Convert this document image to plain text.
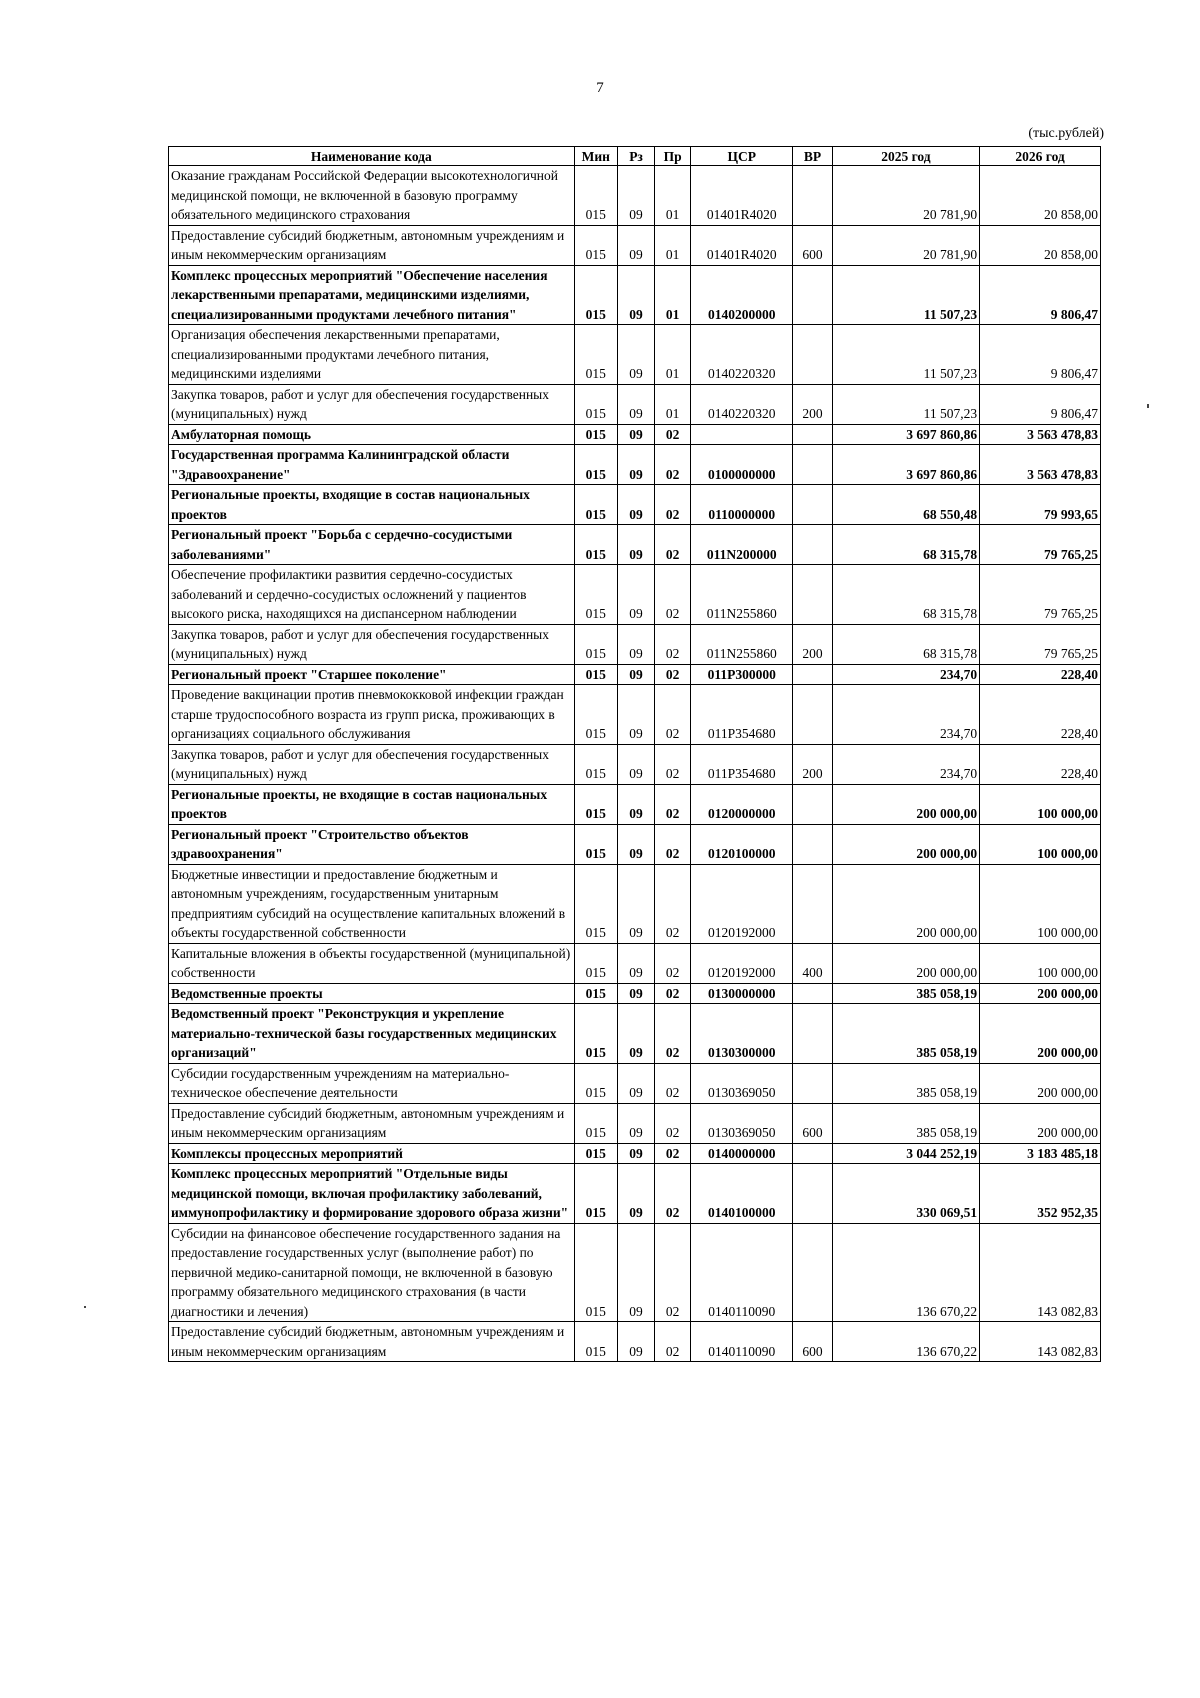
7
(тыс.рублей)
Наименование кода	Мин	Рз	Пр	ЦСР	ВР	2025 год	2026 год
Оказание гражданам Российской Федерации высокотехнологичной медицинской помощи, не включенной в базовую программу обязательного медицинского страхования	015	09	01	01401R4020		20 781,90	20 858,00
Предоставление субсидий бюджетным, автономным учреждениям и иным некоммерческим организациям	015	09	01	01401R4020	600	20 781,90	20 858,00
Комплекс процессных мероприятий "Обеспечение населения лекарственными препаратами, медицинскими изделиями, специализированными продуктами лечебного питания"	015	09	01	0140200000		11 507,23	9 806,47
Организация обеспечения лекарственными препаратами, специализированными продуктами лечебного питания, медицинскими изделиями	015	09	01	0140220320		11 507,23	9 806,47
Закупка товаров, работ и услуг для обеспечения государственных (муниципальных) нужд	015	09	01	0140220320	200	11 507,23	9 806,47
Амбулаторная помощь	015	09	02			3 697 860,86	3 563 478,83
Государственная программа Калининградской области "Здравоохранение"	015	09	02	0100000000		3 697 860,86	3 563 478,83
Региональные проекты, входящие в состав национальных проектов	015	09	02	0110000000		68 550,48	79 993,65
Региональный проект "Борьба с сердечно-сосудистыми заболеваниями"	015	09	02	011N200000		68 315,78	79 765,25
Обеспечение профилактики развития сердечно-сосудистых заболеваний и сердечно-сосудистых осложнений у пациентов высокого риска, находящихся на диспансерном наблюдении	015	09	02	011N255860		68 315,78	79 765,25
Закупка товаров, работ и услуг для обеспечения государственных (муниципальных) нужд	015	09	02	011N255860	200	68 315,78	79 765,25
Региональный проект "Старшее поколение"	015	09	02	011P300000		234,70	228,40
Проведение вакцинации против пневмококковой инфекции граждан старше трудоспособного возраста из групп риска, проживающих в организациях социального обслуживания	015	09	02	011P354680		234,70	228,40
Закупка товаров, работ и услуг для обеспечения государственных (муниципальных) нужд	015	09	02	011P354680	200	234,70	228,40
Региональные проекты, не входящие в состав национальных проектов	015	09	02	0120000000		200 000,00	100 000,00
Региональный проект "Строительство объектов здравоохранения"	015	09	02	0120100000		200 000,00	100 000,00
Бюджетные инвестиции и предоставление бюджетным и автономным учреждениям, государственным унитарным предприятиям субсидий на осуществление капитальных вложений в объекты государственной собственности	015	09	02	0120192000		200 000,00	100 000,00
Капитальные вложения в объекты государственной (муниципальной) собственности	015	09	02	0120192000	400	200 000,00	100 000,00
Ведомственные проекты	015	09	02	0130000000		385 058,19	200 000,00
Ведомственный проект "Реконструкция и укрепление материально-технической базы государственных медицинских организаций"	015	09	02	0130300000		385 058,19	200 000,00
Субсидии государственным учреждениям на материально-техническое обеспечение деятельности	015	09	02	0130369050		385 058,19	200 000,00
Предоставление субсидий бюджетным, автономным учреждениям и иным некоммерческим организациям	015	09	02	0130369050	600	385 058,19	200 000,00
Комплексы процессных мероприятий	015	09	02	0140000000		3 044 252,19	3 183 485,18
Комплекс процессных мероприятий "Отдельные виды медицинской помощи, включая профилактику заболеваний, иммунопрофилактику и формирование здорового образа жизни"	015	09	02	0140100000		330 069,51	352 952,35
Субсидии на финансовое обеспечение государственного задания на предоставление государственных услуг (выполнение работ) по первичной медико-санитарной помощи, не включенной в базовую программу обязательного медицинского страхования (в части диагностики и лечения)	015	09	02	0140110090		136 670,22	143 082,83
Предоставление субсидий бюджетным, автономным учреждениям и иным некоммерческим организациям	015	09	02	0140110090	600	136 670,22	143 082,83
